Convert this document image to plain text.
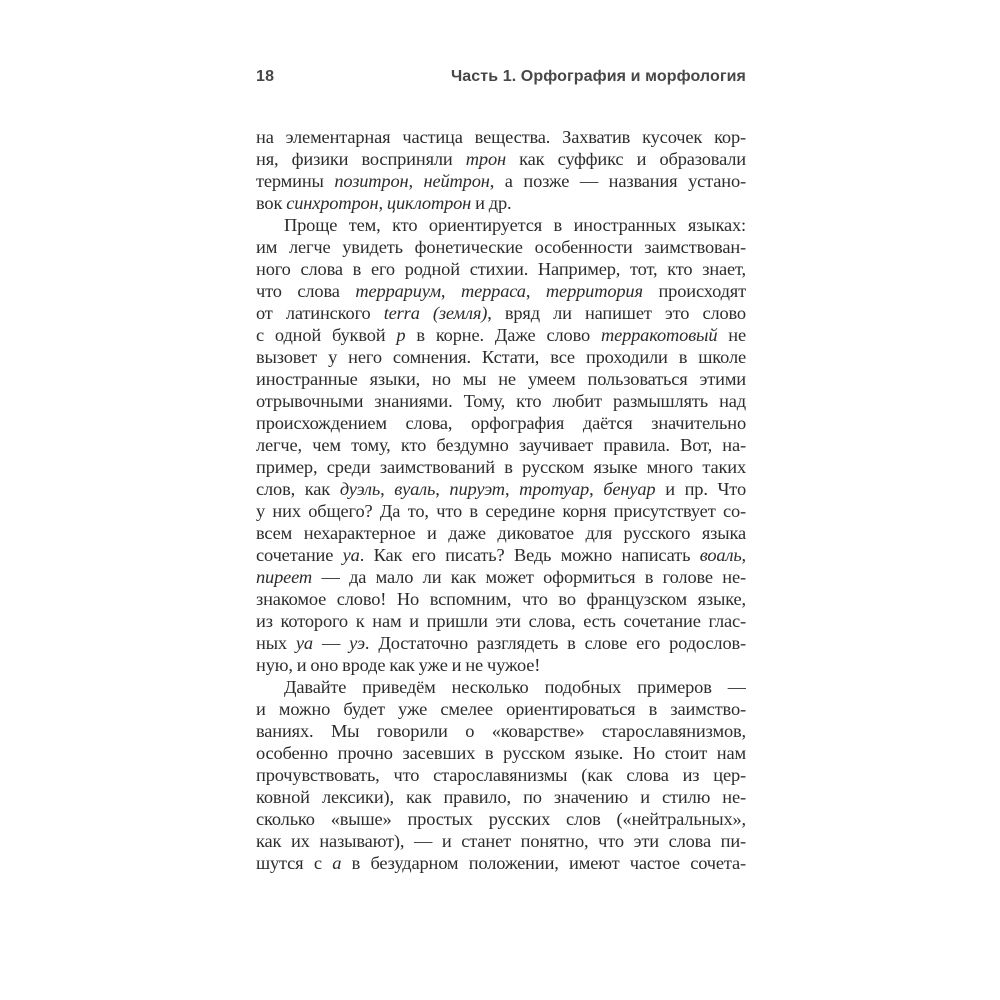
18	Часть 1. Орфография и морфология
на элементарная частица вещества. Захватив кусочек кор-
ня, физики восприняли трон как суффикс и образовали
термины позитрон, нейтрон, а позже — названия устано-
вок синхротрон, циклотрон и др.
Проще тем, кто ориентируется в иностранных языках:
им легче увидеть фонетические особенности заимствован-
ного слова в его родной стихии. Например, тот, кто знает,
что слова террариум, терраса, территория происходят
от латинского terra (земля), вряд ли напишет это слово
с одной буквой р в корне. Даже слово терракотовый не
вызовет у него сомнения. Кстати, все проходили в школе
иностранные языки, но мы не умеем пользоваться этими
отрывочными знаниями. Тому, кто любит размышлять над
происхождением слова, орфография даётся значительно
легче, чем тому, кто бездумно заучивает правила. Вот, на-
пример, среди заимствований в русском языке много таких
слов, как дуэль, вуаль, пируэт, тротуар, бенуар и пр. Что
у них общего? Да то, что в середине корня присутствует со-
всем нехарактерное и даже диковатое для русского языка
сочетание уа. Как его писать? Ведь можно написать воаль,
пиреет — да мало ли как может оформиться в голове не-
знакомое слово! Но вспомним, что во французском языке,
из которого к нам и пришли эти слова, есть сочетание глас-
ных уа — уэ. Достаточно разглядеть в слове его родослов-
ную, и оно вроде как уже и не чужое!
Давайте приведём несколько подобных примеров —
и можно будет уже смелее ориентироваться в заимство-
ваниях. Мы говорили о «коварстве» старославянизмов,
особенно прочно засевших в русском языке. Но стоит нам
прочувствовать, что старославянизмы (как слова из цер-
ковной лексики), как правило, по значению и стилю не-
сколько «выше» простых русских слов («нейтральных»,
как их называют), — и станет понятно, что эти слова пи-
шутся с а в безударном положении, имеют частое сочета-
